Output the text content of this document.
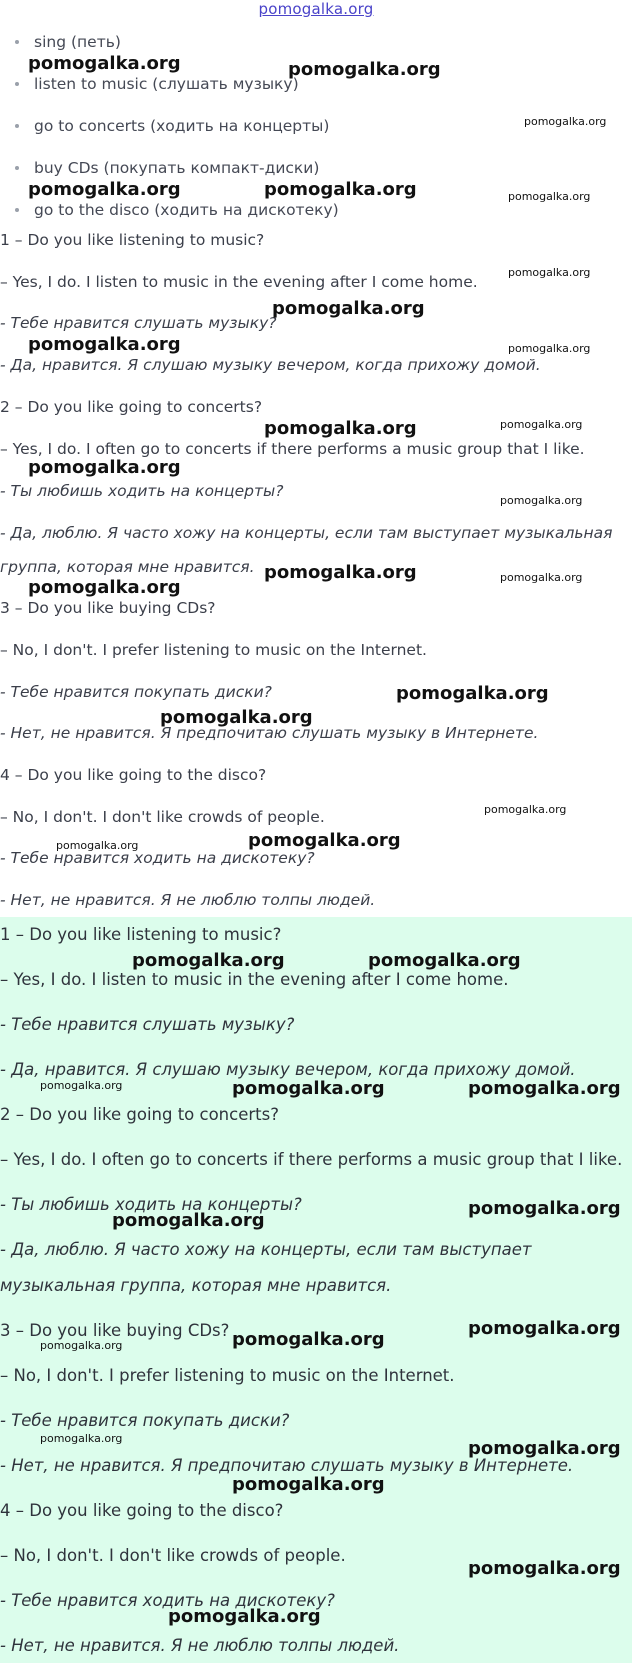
pomogalka.org
sing (петь)
listen to music (слушать музыку)
go to concerts (ходить на концерты)
buy CDs (покупать компакт-диски)
go to the disco (ходить на дискотеку)
1 – Do you like listening to music?
– Yes, I do. I listen to music in the evening after I come home.
- Тебе нравится слушать музыку?
- Да, нравится. Я слушаю музыку вечером, когда прихожу домой.
2 – Do you like going to concerts?
– Yes, I do. I often go to concerts if there performs a music group that I like.
- Ты любишь ходить на концерты?
- Да, люблю. Я часто хожу на концерты, если там выступает музыкальная
группа, которая мне нравится.
3 – Do you like buying CDs?
– No, I don't. I prefer listening to music on the Internet.
- Тебе нравится покупать диски?
- Нет, не нравится. Я предпочитаю слушать музыку в Интернете.
4 – Do you like going to the disco?
– No, I don't. I don't like crowds of people.
- Тебе нравится ходить на дискотеку?
- Нет, не нравится. Я не люблю толпы людей.
1 – Do you like listening to music?
– Yes, I do. I listen to music in the evening after I come home.
- Тебе нравится слушать музыку?
- Да, нравится. Я слушаю музыку вечером, когда прихожу домой.
2 – Do you like going to concerts?
– Yes, I do. I often go to concerts if there performs a music group that I like.
- Ты любишь ходить на концерты?
- Да, люблю. Я часто хожу на концерты, если там выступает
музыкальная группа, которая мне нравится.
3 – Do you like buying CDs?
– No, I don't. I prefer listening to music on the Internet.
- Тебе нравится покупать диски?
- Нет, не нравится. Я предпочитаю слушать музыку в Интернете.
4 – Do you like going to the disco?
– No, I don't. I don't like crowds of people.
- Тебе нравится ходить на дискотеку?
- Нет, не нравится. Я не люблю толпы людей.
pomogalka.org	pomogalka.org
pomogalka.org
pomogalka.org	pomogalka.org	pomogalka.org
pomogalka.org
pomogalka.org
pomogalka.org	pomogalka.org
pomogalka.org
pomogalka.org
pomogalka.org
pomogalka.org
pomogalka.org	pomogalka.org
pomogalka.org
pomogalka.org
pomogalka.org
pomogalka.org
pomogalka.org	pomogalka.org
pomogalka.org	pomogalka.org
pomogalka.org	pomogalka.org	pomogalka.org
pomogalka.org
pomogalka.org
pomogalka.org
pomogalka.org
pomogalka.org
pomogalka.org	pomogalka.org
pomogalka.org
pomogalka.org
pomogalka.org
